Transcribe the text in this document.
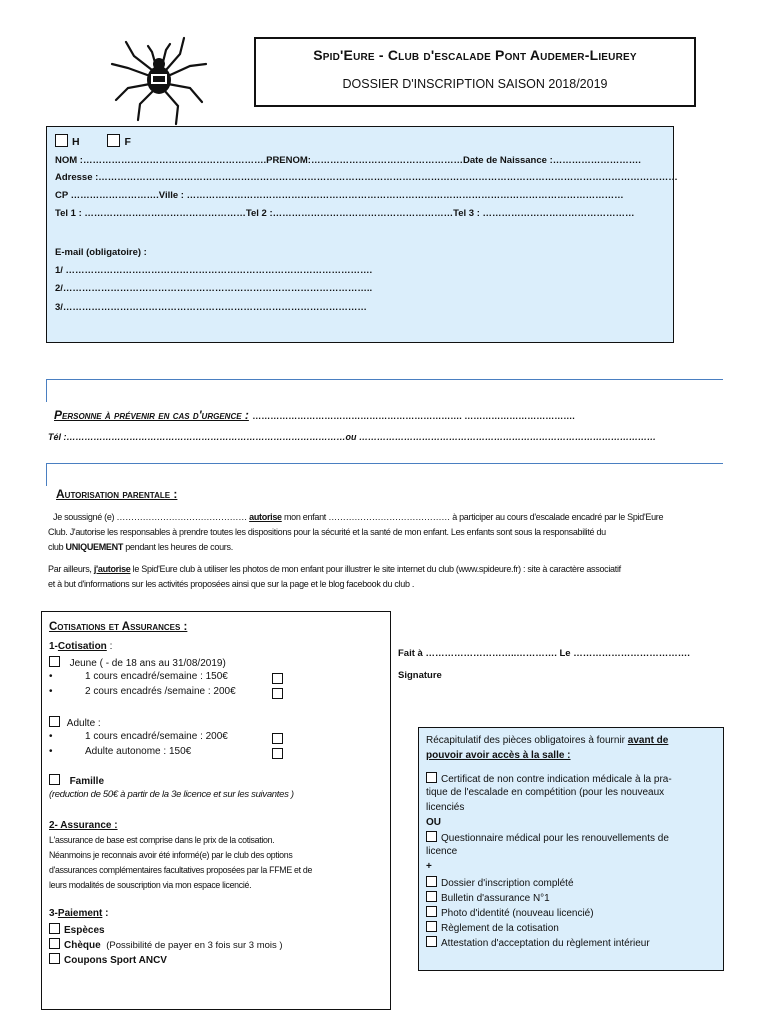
Spid'Eure - Club d'escalade Pont Audemer-Lieurey
DOSSIER D'INSCRIPTION SAISON 2018/2019
H	F
NOM :………………………………………………….PRENOM:…………………………………………Date de Naissance :……………………….
Adresse :…………………………………………………………………………………………………………………………………………………………………
CP ……………………….Ville : …………………………………………………………………………………………………………………………
Tel 1 : ……………………………………………Tel 2 :…………………………………………………Tel 3 : …………………………………………
E-mail (obligatoire) :
1/ …………………………………………………………………………………….
2/……………………………………………………………………………………..
3/……………………………………………………………………………………
Personne à prévenir en cas d'urgence : ……………………………………………………………. ……………………………….
Tél :…………………………………………………………………………………ou ………………………………………………………………………………………
Autorisation parentale :
Je soussigné (e) ……………………………………… autorise mon enfant …………………………………… à participer au cours d'escalade encadré par le Spid'Eure
Club. J'autorise les responsables à prendre toutes les dispositions pour la sécurité et la santé de mon enfant. Les enfants sont sous la responsabilité du
club UNIQUEMENT pendant les heures de cours.
Par ailleurs, j'autorise le Spid'Eure club à utiliser les photos de mon enfant pour illustrer le site internet du club (www.spideure.fr) : site à caractère associatif
et à but d'informations sur les activités proposées ainsi que sur la page et le blog facebook du club .
Cotisations et Assurances :
1-Cotisation :
Jeune ( - de 18 ans au 31/08/2019)
•	1 cours encadré/semaine : 150€
•	2 cours encadrés /semaine : 200€
Adulte :
•	1 cours encadré/semaine : 200€
•	Adulte autonome : 150€
Famille
(reduction de 50€ à partir de la 3e licence et sur les suivantes )
2- Assurance :
L'assurance de base est comprise dans le prix de la cotisation.
Néanmoins je reconnais avoir été informé(e) par le club des options
d'assurances complémentaires facultatives proposées par la FFME et de
leurs modalités de souscription via mon espace licencié.
3-Paiement :
Espèces
Chèque (Possibilité de payer en 3 fois sur 3 mois )
Coupons Sport ANCV
Fait à ………………………..…………. Le ……………………………….
Signature
Récapitulatif des pièces obligatoires à fournir avant de
pouvoir avoir accès à la salle :
Certificat de non contre indication médicale à la pra-
tique de l'escalade en compétition (pour les nouveaux
licenciés
OU
Questionnaire médical pour les renouvellements de
licence
+
Dossier d'inscription complété
Bulletin d'assurance N°1
Photo d'identité (nouveau licencié)
Règlement de la cotisation
Attestation d'acceptation du règlement intérieur
